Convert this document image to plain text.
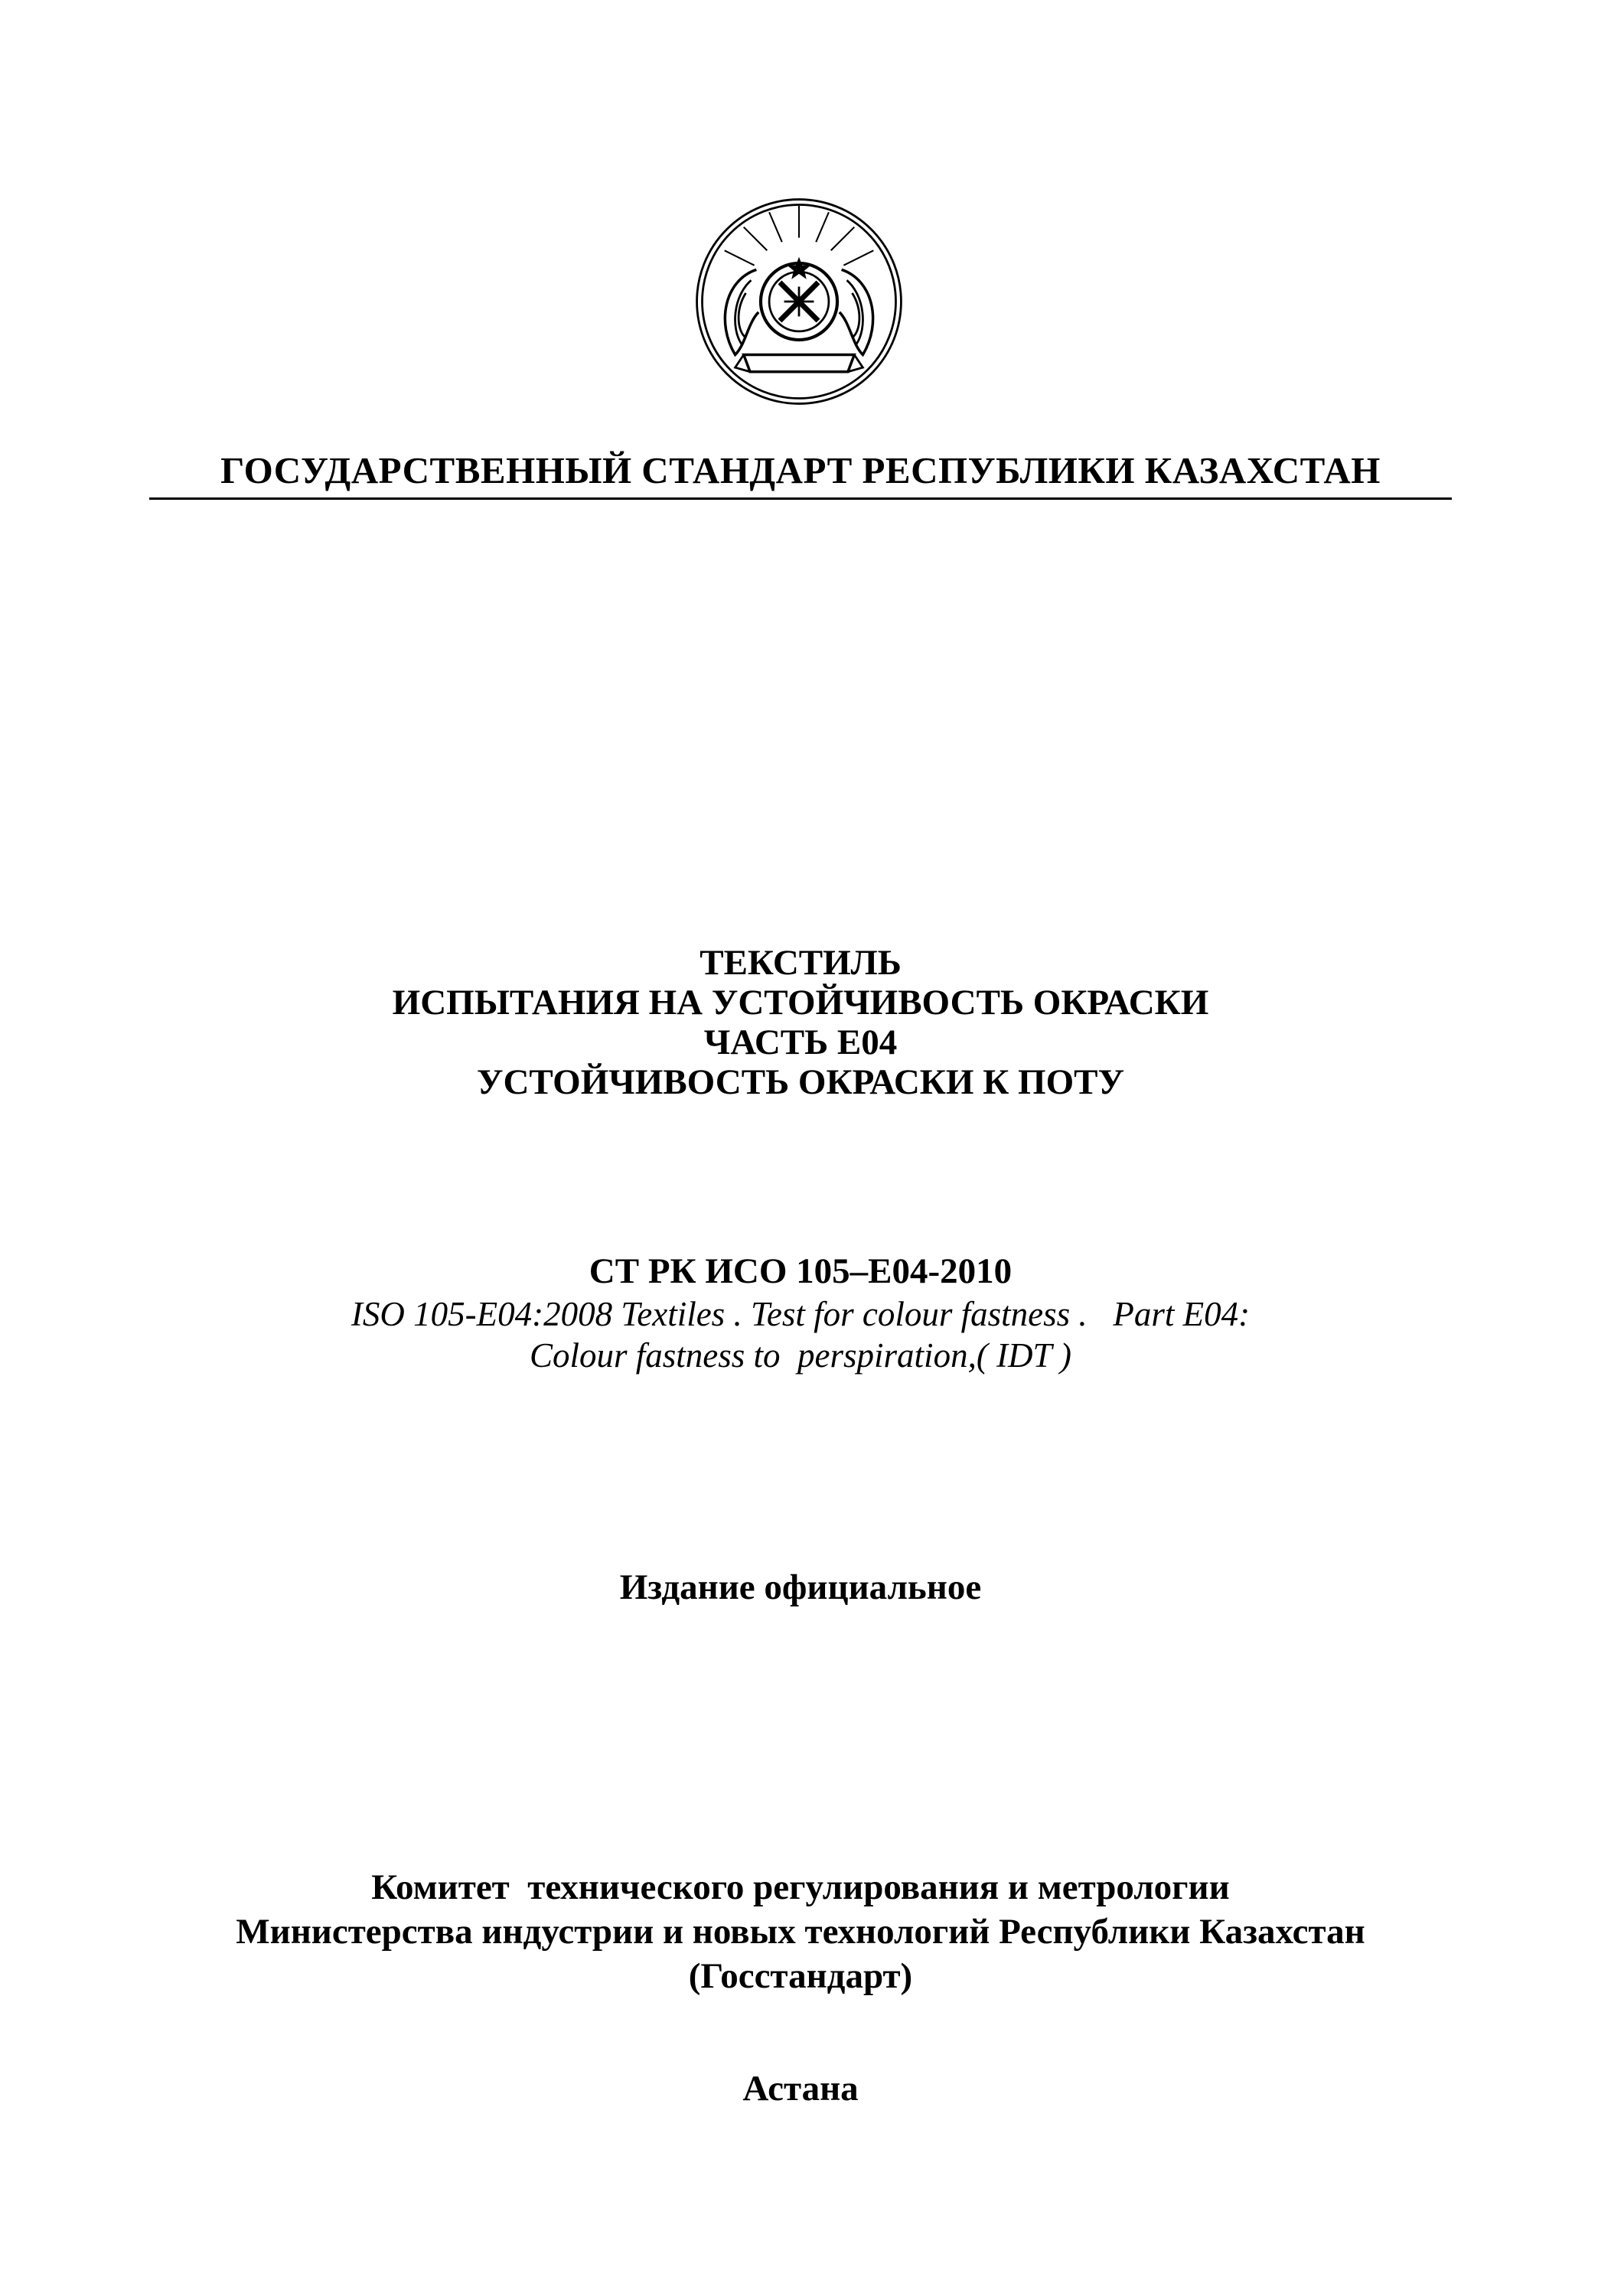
ГОСУДАРСТВЕННЫЙ СТАНДАРТ РЕСПУБЛИКИ КАЗАХСТАН
ТЕКСТИЛЬ
ИСПЫТАНИЯ НА УСТОЙЧИВОСТЬ ОКРАСКИ
ЧАСТЬ Е04
УСТОЙЧИВОСТЬ ОКРАСКИ К ПОТУ
СТ РК ИСО 105–Е04-2010
ISO 105-E04:2008 Textiles . Test for colour fastness .   Part E04:
Colour fastness to  perspiration,( IDT )
Издание официальное
Комитет  технического регулирования и метрологии
Министерства индустрии и новых технологий Республики Казахстан
(Госстандарт)
Астана
